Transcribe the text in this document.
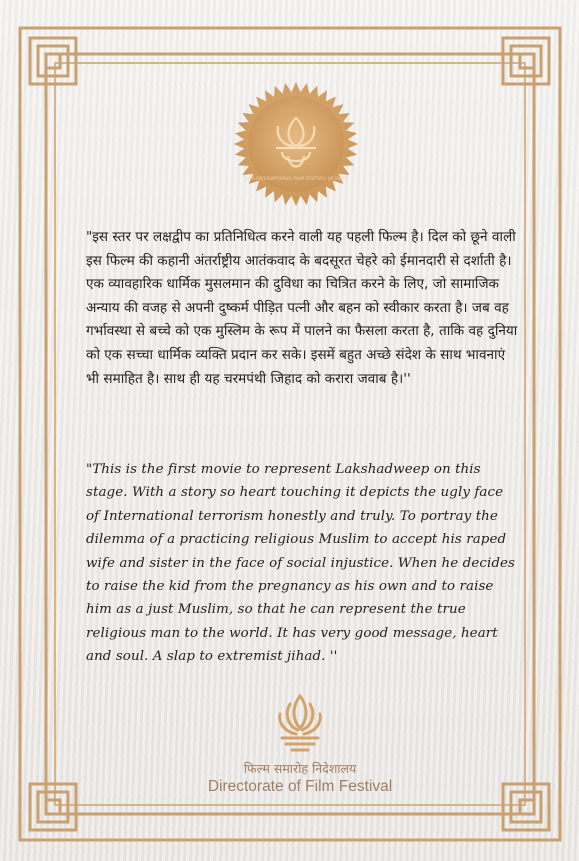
50th INTERNATIONAL FILM FESTIVAL OF INDIA

"इस स्तर पर लक्षद्वीप का प्रतिनिधित्व करने वाली यह पहली फिल्म है। दिल को छूने वाली इस फिल्म की कहानी अंतर्राष्ट्रीय आतंकवाद के बदसूरत चेहरे को ईमानदारी से दर्शाती है। एक व्यावहारिक धार्मिक मुसलमान की दुविधा का चित्रित करने के लिए, जो सामाजिक अन्याय की वजह से अपनी दुष्कर्म पीड़ित पत्नी और बहन को स्वीकार करता है। जब वह गर्भावस्था से बच्चे को एक मुस्लिम के रूप में पालने का फैसला करता है, ताकि वह दुनिया को एक सच्चा धार्मिक व्यक्ति प्रदान कर सके। इसमें बहुत अच्छे संदेश के साथ भावनाएं भी समाहित है। साथ ही यह चरमपंथी जिहाद को करारा जवाब है।''

"This is the first movie to represent Lakshadweep on this stage. With a story so heart touching it depicts the ugly face of International terrorism honestly and truly. To portray the dilemma of a practicing religious Muslim to accept his raped wife and sister in the face of social injustice. When he decides to raise the kid from the pregnancy as his own and to raise him as a just Muslim, so that he can represent the true religious man to the world. It has very good message, heart and soul. A slap to extremist jihad. ''

फिल्म समारोह निदेशालय
Directorate of Film Festival
